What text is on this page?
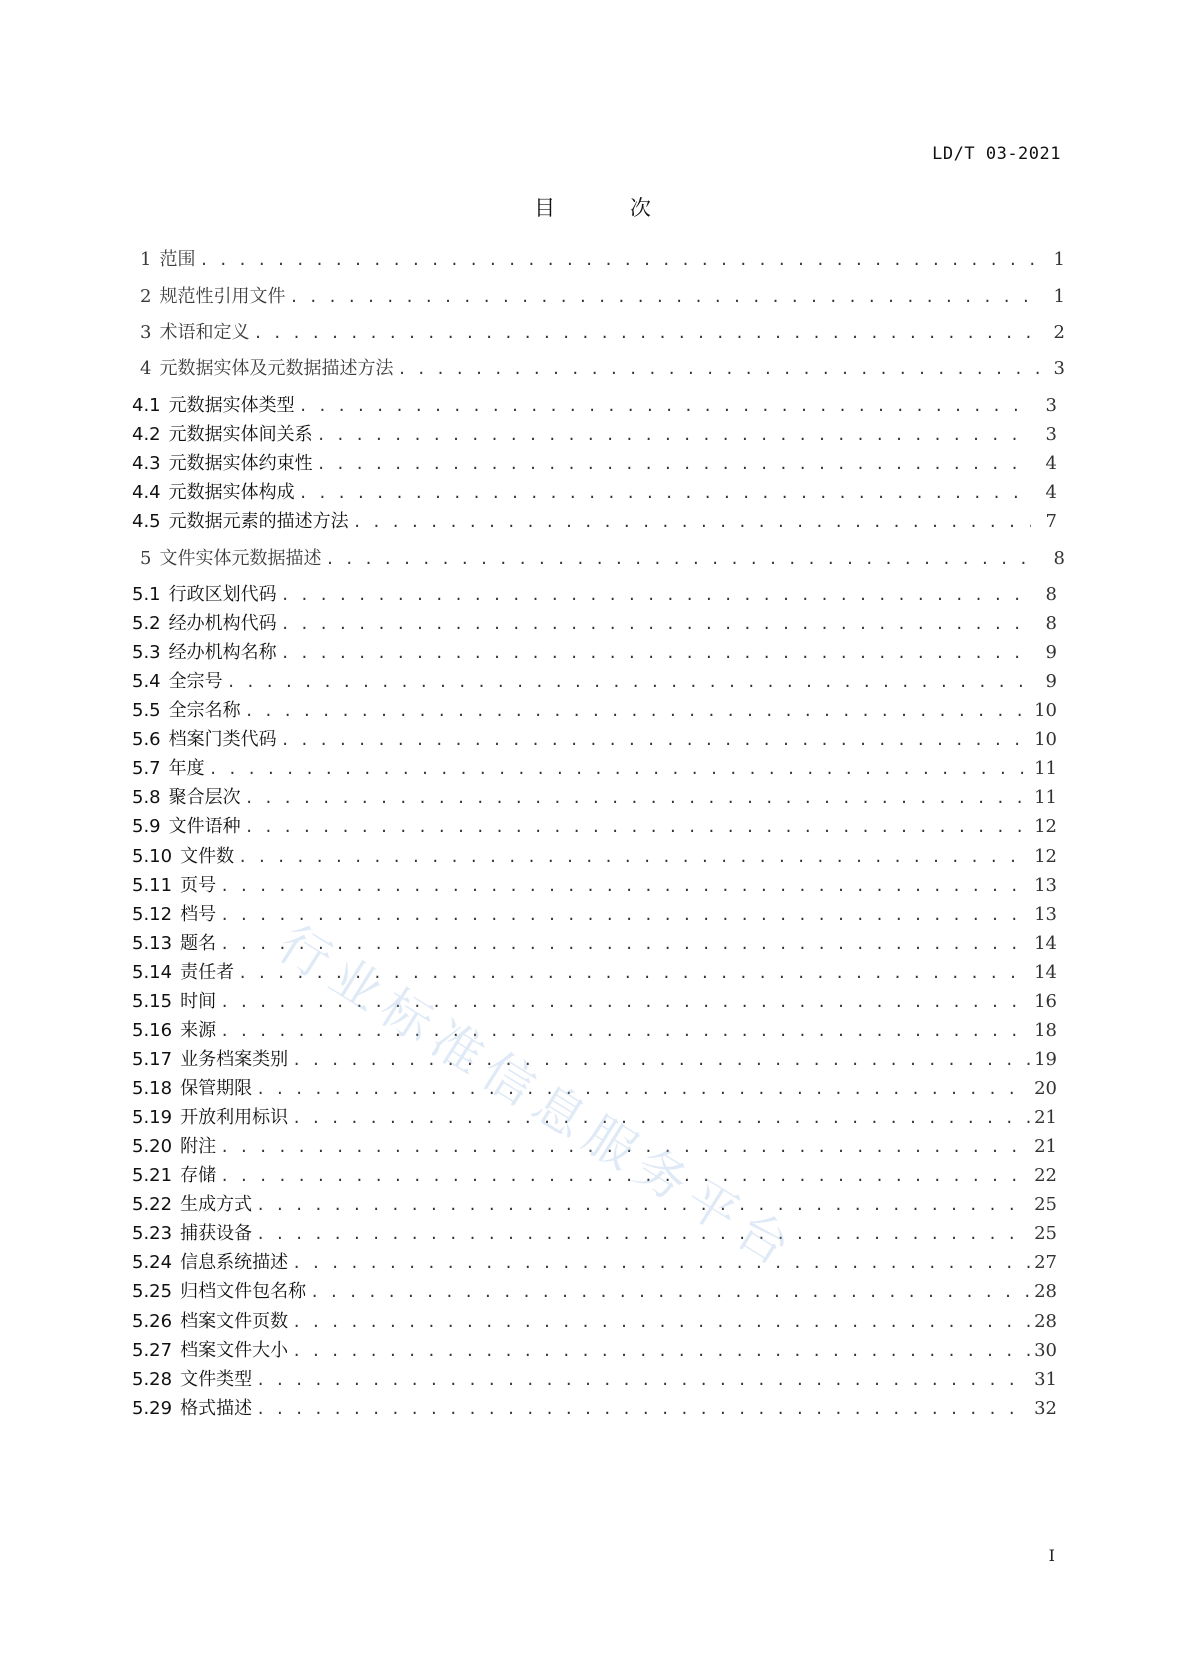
LD/T 03-2021
目 次
1 范围 . . .	1
2 规范性引用文件 . . .	1
3 术语和定义 . . .	2
4 元数据实体及元数据描述方法 . . .	3
4.1 元数据实体类型 . . .	3
4.2 元数据实体间关系 . . .	3
4.3 元数据实体约束性 . . .	4
4.4 元数据实体构成 . . .	4
4.5 元数据元素的描述方法 . . .	7
5 文件实体元数据描述 . . .	8
5.1 行政区划代码 . . .	8
5.2 经办机构代码 . . .	8
5.3 经办机构名称 . . .	9
5.4 全宗号 . . .	9
5.5 全宗名称 . . .	10
5.6 档案门类代码 . . .	10
5.7 年度 . . .	11
5.8 聚合层次 . . .	11
5.9 文件语种 . . .	12
5.10 文件数 . . .	12
5.11 页号 . . .	13
5.12 档号 . . .	13
5.13 题名 . . .	14
5.14 责任者 . . .	14
5.15 时间 . . .	16
5.16 来源 . . .	18
5.17 业务档案类别 . . .	19
5.18 保管期限 . . .	20
5.19 开放利用标识 . . .	21
5.20 附注 . . .	21
5.21 存储 . . .	22
5.22 生成方式 . . .	25
5.23 捕获设备 . . .	25
5.24 信息系统描述 . . .	27
5.25 归档文件包名称 . . .	28
5.26 档案文件页数 . . .	28
5.27 档案文件大小 . . .	30
5.28 文件类型 . . .	31
5.29 格式描述 . . .	32
I
行业标准信息服务平台
